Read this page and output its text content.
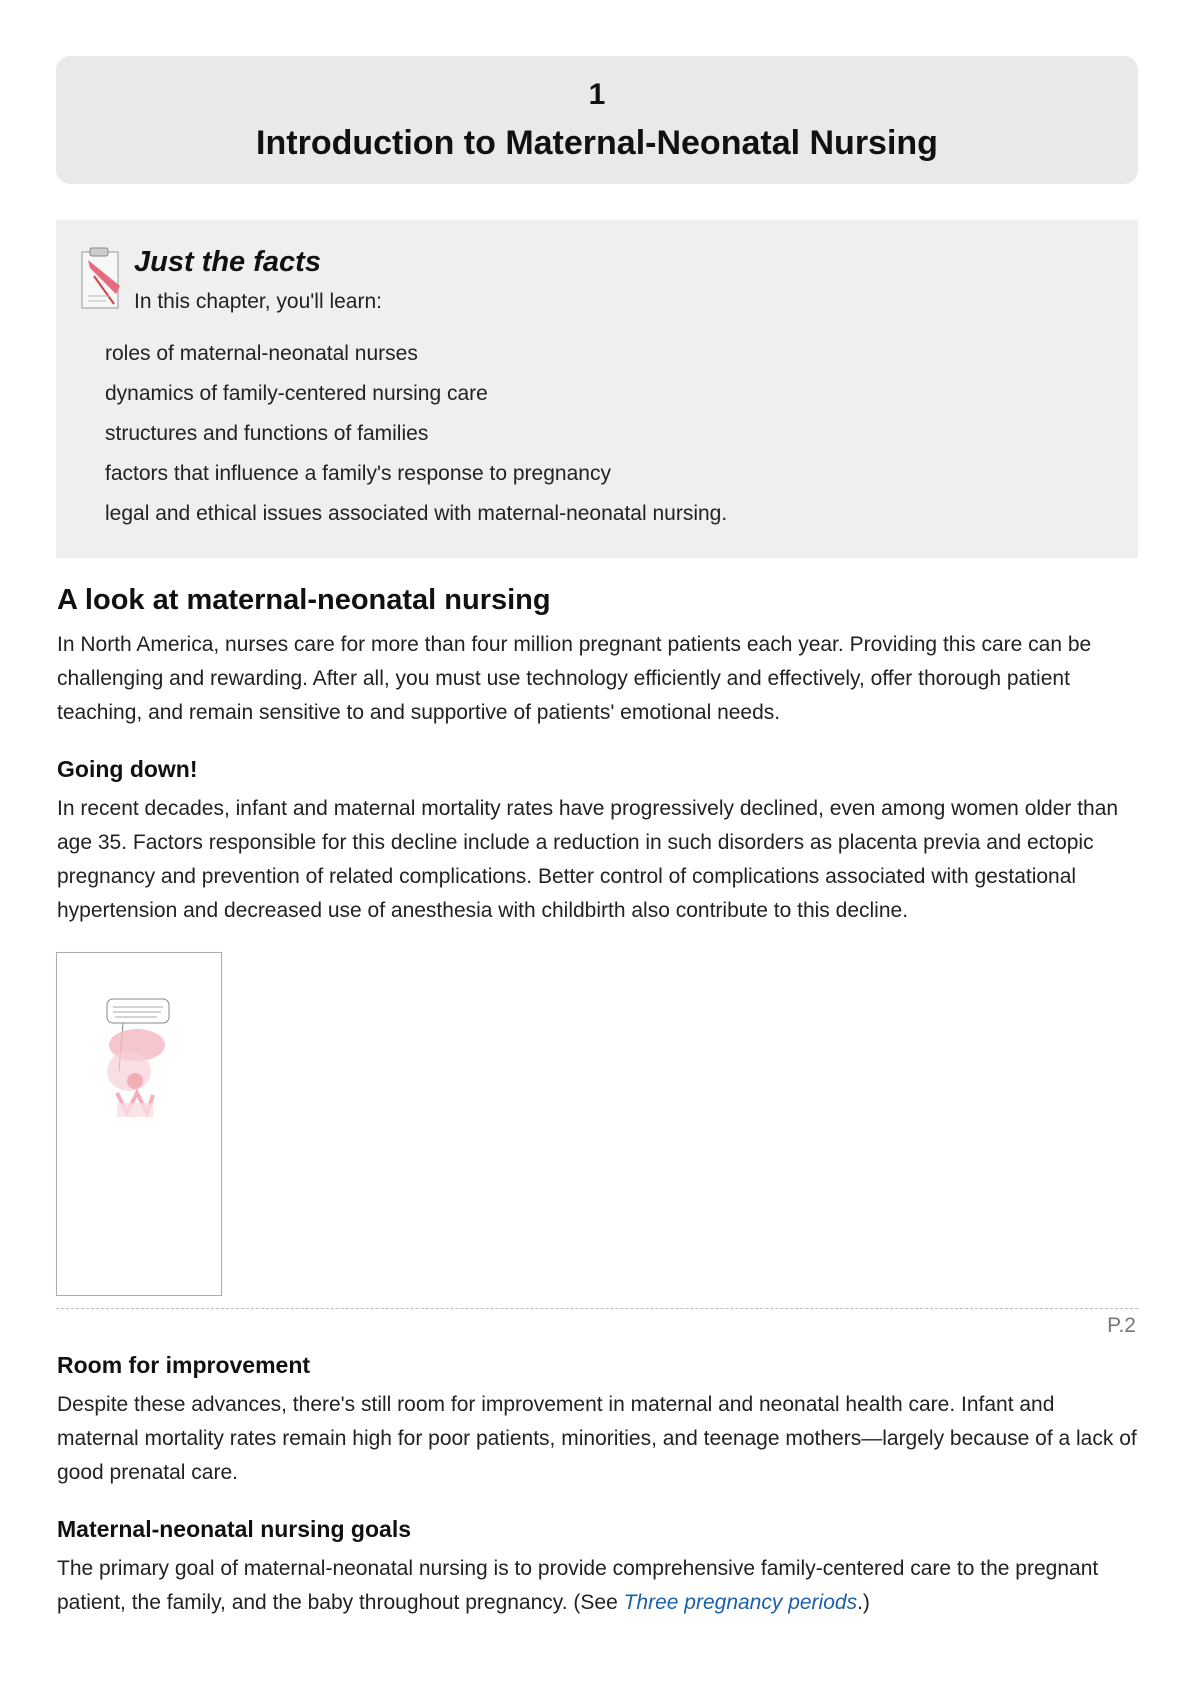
1
Introduction to Maternal-Neonatal Nursing
Just the facts
In this chapter, you'll learn:
roles of maternal-neonatal nurses
dynamics of family-centered nursing care
structures and functions of families
factors that influence a family's response to pregnancy
legal and ethical issues associated with maternal-neonatal nursing.
A look at maternal-neonatal nursing

In North America, nurses care for more than four million pregnant patients each year. Providing this care can be challenging and rewarding. After all, you must use technology efficiently and effectively, offer thorough patient teaching, and remain sensitive to and supportive of patients' emotional needs.

Going down!

In recent decades, infant and maternal mortality rates have progressively declined, even among women older than age 35. Factors responsible for this decline include a reduction in such disorders as placenta previa and ectopic pregnancy and prevention of related complications. Better control of complications associated with gestational hypertension and decreased use of anesthesia with childbirth also contribute to this decline.

P.2
Room for improvement

Despite these advances, there's still room for improvement in maternal and neonatal health care. Infant and maternal mortality rates remain high for poor patients, minorities, and teenage mothers—largely because of a lack of good prenatal care.

Maternal-neonatal nursing goals

The primary goal of maternal-neonatal nursing is to provide comprehensive family-centered care to the pregnant patient, the family, and the baby throughout pregnancy. (See Three pregnancy periods.)
